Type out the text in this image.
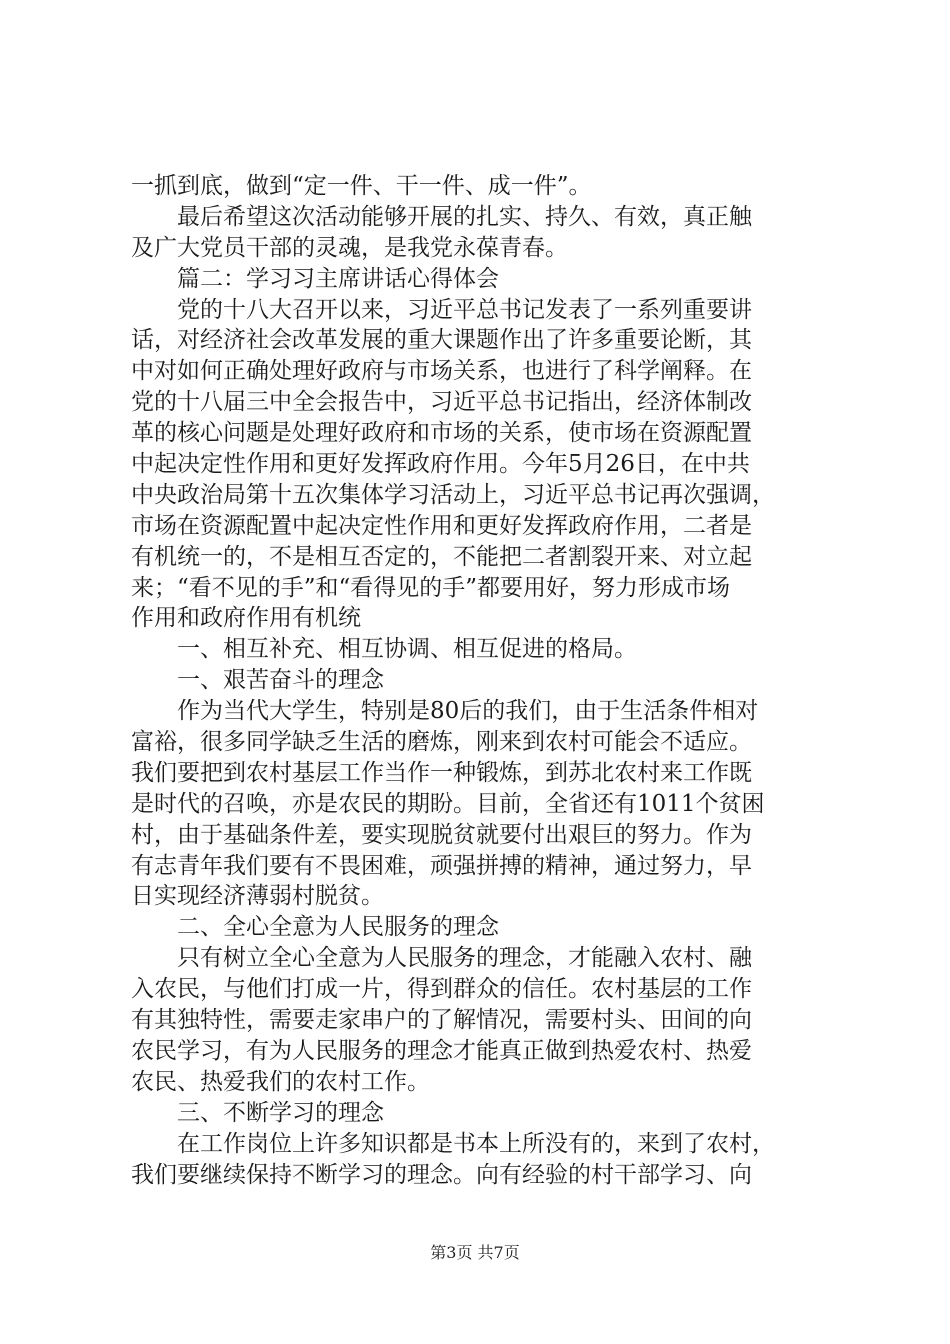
一抓到底，做到“定一件、干一件、成一件”。
最后希望这次活动能够开展的扎实、持久、有效，真正触
及广大党员干部的灵魂，是我党永葆青春。
篇二：学习习主席讲话心得体会
党的十八大召开以来，习近平总书记发表了一系列重要讲
话，对经济社会改革发展的重大课题作出了许多重要论断，其
中对如何正确处理好政府与市场关系，也进行了科学阐释。在
党的十八届三中全会报告中，习近平总书记指出，经济体制改
革的核心问题是处理好政府和市场的关系，使市场在资源配置
中起决定性作用和更好发挥政府作用。今年5月26日，在中共
中央政治局第十五次集体学习活动上，习近平总书记再次强调，
市场在资源配置中起决定性作用和更好发挥政府作用，二者是
有机统一的，不是相互否定的，不能把二者割裂开来、对立起
来；“看不见的手”和“看得见的手”都要用好，努力形成市场
作用和政府作用有机统
一、相互补充、相互协调、相互促进的格局。
一、艰苦奋斗的理念
作为当代大学生，特别是80后的我们，由于生活条件相对
富裕，很多同学缺乏生活的磨炼，刚来到农村可能会不适应。
我们要把到农村基层工作当作一种锻炼，到苏北农村来工作既
是时代的召唤，亦是农民的期盼。目前，全省还有1011个贫困
村，由于基础条件差，要实现脱贫就要付出艰巨的努力。作为
有志青年我们要有不畏困难，顽强拼搏的精神，通过努力，早
日实现经济薄弱村脱贫。
二、全心全意为人民服务的理念
只有树立全心全意为人民服务的理念，才能融入农村、融
入农民，与他们打成一片，得到群众的信任。农村基层的工作
有其独特性，需要走家串户的了解情况，需要村头、田间的向
农民学习，有为人民服务的理念才能真正做到热爱农村、热爱
农民、热爱我们的农村工作。
三、不断学习的理念
在工作岗位上许多知识都是书本上所没有的，来到了农村，
我们要继续保持不断学习的理念。向有经验的村干部学习、向
第3页 共7页
